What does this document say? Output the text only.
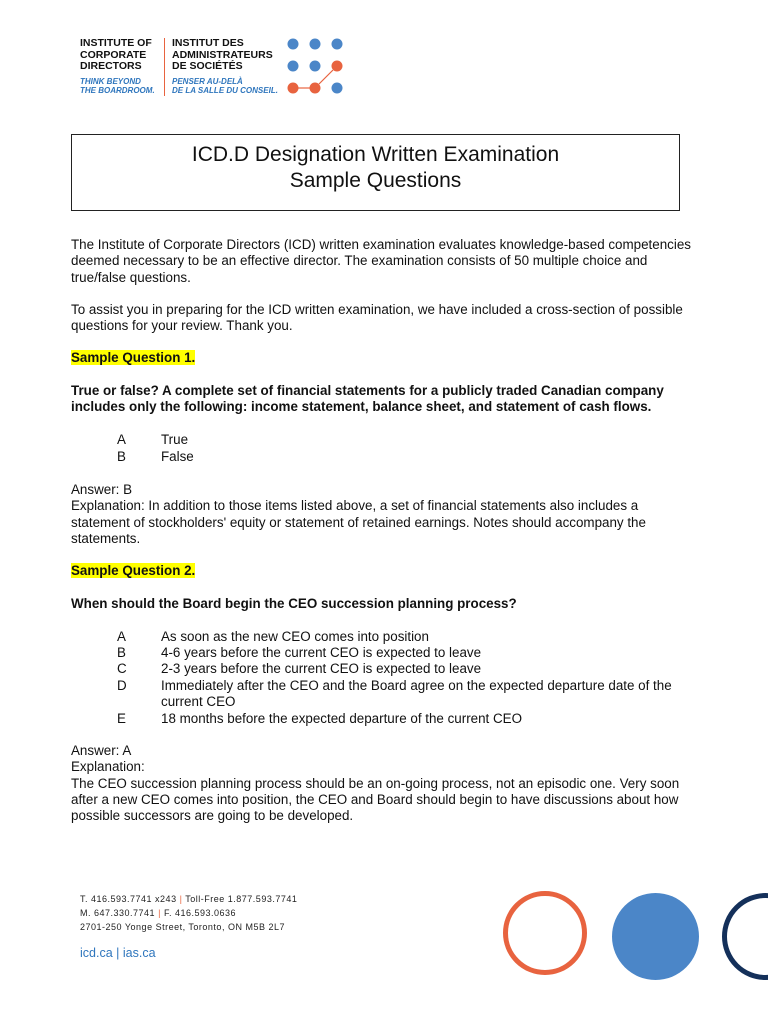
INSTITUTE OF
CORPORATE
DIRECTORS
THINK BEYOND
THE BOARDROOM.
INSTITUT DES
ADMINISTRATEURS
DE SOCIÉTÉS
PENSER AU-DELÀ
DE LA SALLE DU CONSEIL.
ICD.D Designation Written Examination
Sample Questions

The Institute of Corporate Directors (ICD) written examination evaluates knowledge-based competencies deemed necessary to be an effective director. The examination consists of 50 multiple choice and true/false questions.

To assist you in preparing for the ICD written examination, we have included a cross-section of possible questions for your review. Thank you.

Sample Question 1.

True or false? A complete set of financial statements for a publicly traded Canadian company includes only the following: income statement, balance sheet, and statement of cash flows.

A	True
B	False

Answer: B

Explanation: In addition to those items listed above, a set of financial statements also includes a statement of stockholders' equity or statement of retained earnings. Notes should accompany the statements.

Sample Question 2.

When should the Board begin the CEO succession planning process?

A	As soon as the new CEO comes into position
B	4-6 years before the current CEO is expected to leave
C	2-3 years before the current CEO is expected to leave
D	Immediately after the CEO and the Board agree on the expected departure date of the current CEO
E	18 months before the expected departure of the current CEO

Answer: A

Explanation:

The CEO succession planning process should be an on-going process, not an episodic one. Very soon after a new CEO comes into position, the CEO and Board should begin to have discussions about how possible successors are going to be developed.

T. 416.593.7741 x243 | Toll-Free 1.877.593.7741
M. 647.330.7741 | F. 416.593.0636
2701-250 Yonge Street, Toronto, ON M5B 2L7
icd.ca | ias.ca
